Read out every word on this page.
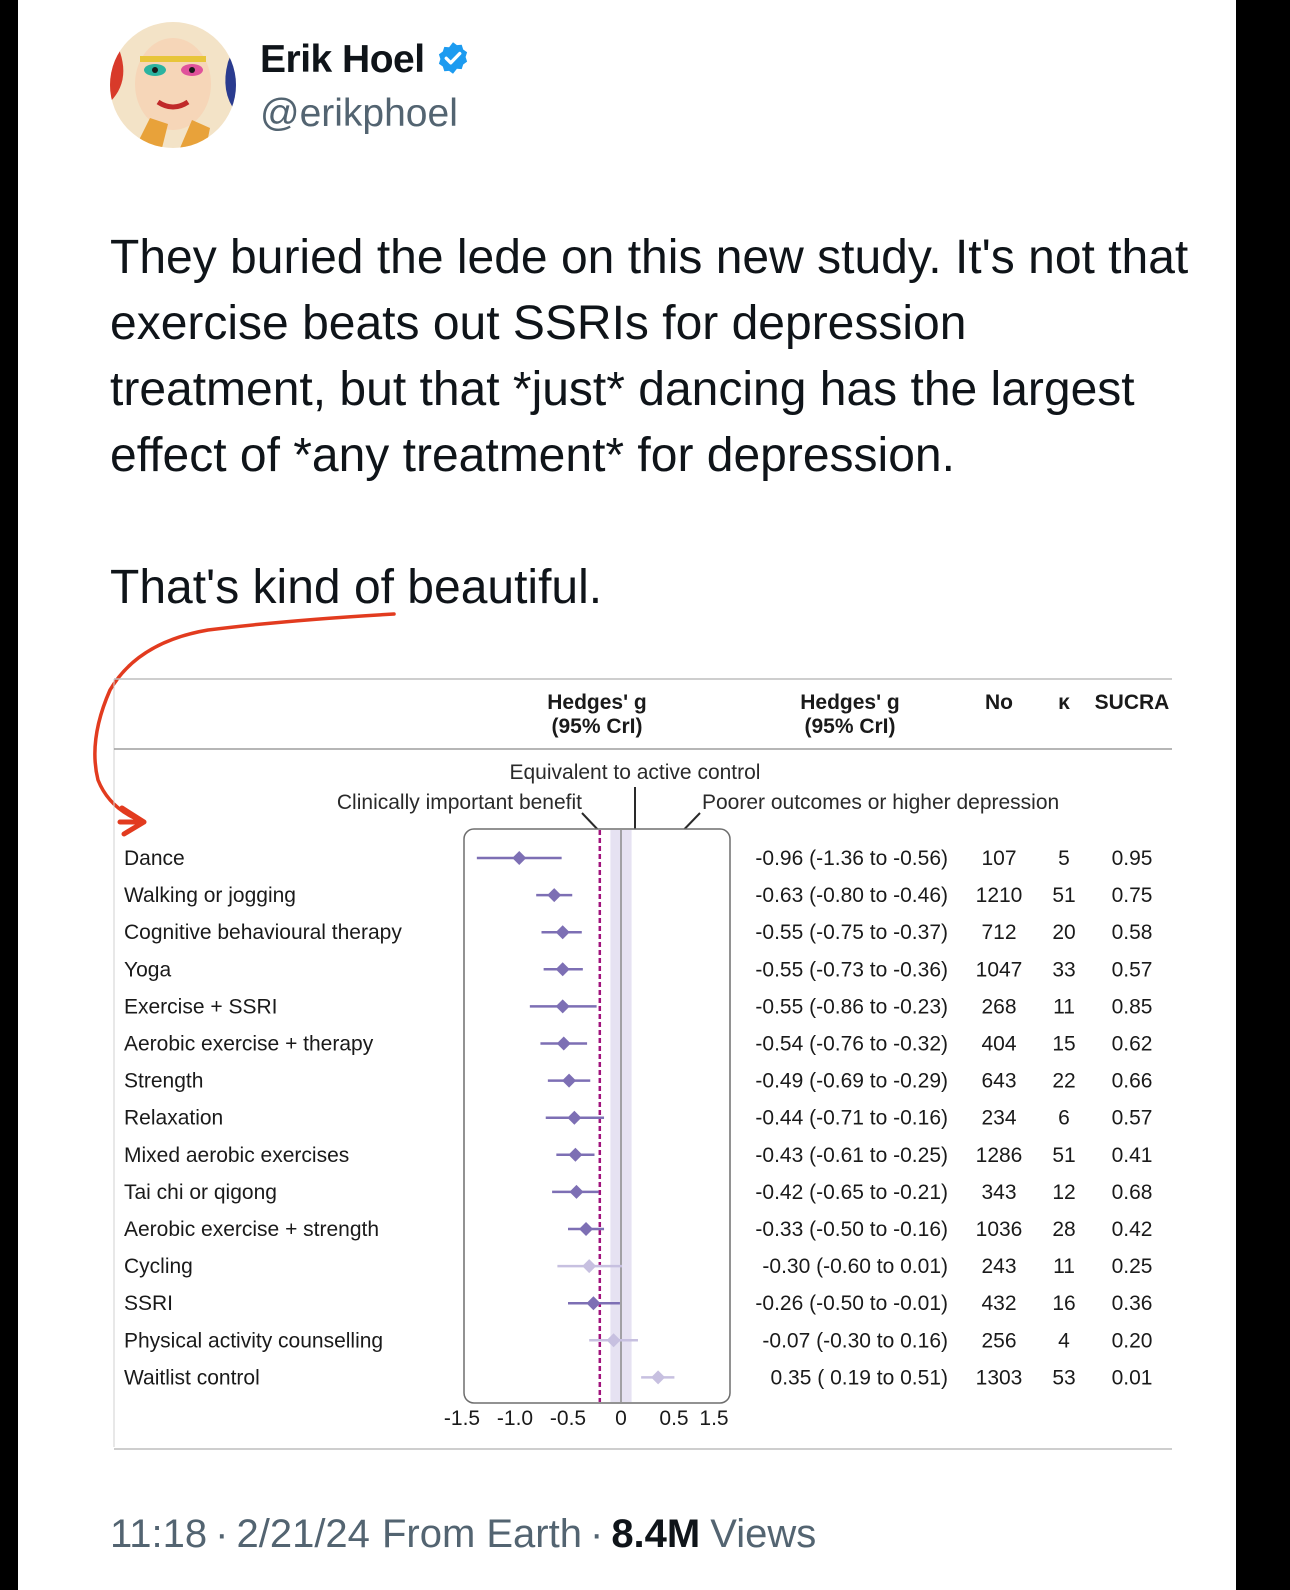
Erik Hoel
@erikphoel

They buried the lede on this new study. It's not that exercise beats out SSRIs for depression treatment, but that *just* dancing has the largest effect of *any treatment* for depression.

That's kind of beautiful.

Hedges' g
(95% CrI)
Hedges' g
(95% CrI)
No κ SUCRA
Equivalent to active control
Clinically important benefit	Poorer outcomes or higher depression
-1.5 -1.0 -0.5 0 0.5 1.5
Dance	-0.96 (-1.36 to -0.56) 107 5 0.95
Walking or jogging	-0.63 (-0.80 to -0.46) 1210 51 0.75
Cognitive behavioural therapy	-0.55 (-0.75 to -0.37) 712 20 0.58
Yoga	-0.55 (-0.73 to -0.36) 1047 33 0.57
Exercise + SSRI	-0.55 (-0.86 to -0.23) 268 11 0.85
Aerobic exercise + therapy	-0.54 (-0.76 to -0.32) 404 15 0.62
Strength	-0.49 (-0.69 to -0.29) 643 22 0.66
Relaxation	-0.44 (-0.71 to -0.16) 234 6 0.57
Mixed aerobic exercises	-0.43 (-0.61 to -0.25) 1286 51 0.41
Tai chi or qigong	-0.42 (-0.65 to -0.21) 343 12 0.68
Aerobic exercise + strength	-0.33 (-0.50 to -0.16) 1036 28 0.42
Cycling	-0.30 (-0.60 to 0.01) 243 11 0.25
SSRI	-0.26 (-0.50 to -0.01) 432 16 0.36
Physical activity counselling	-0.07 (-0.30 to 0.16) 256 4 0.20
Waitlist control	0.35 ( 0.19 to 0.51) 1303 53 0.01
11:18 · 2/21/24 From Earth · 8.4M Views
